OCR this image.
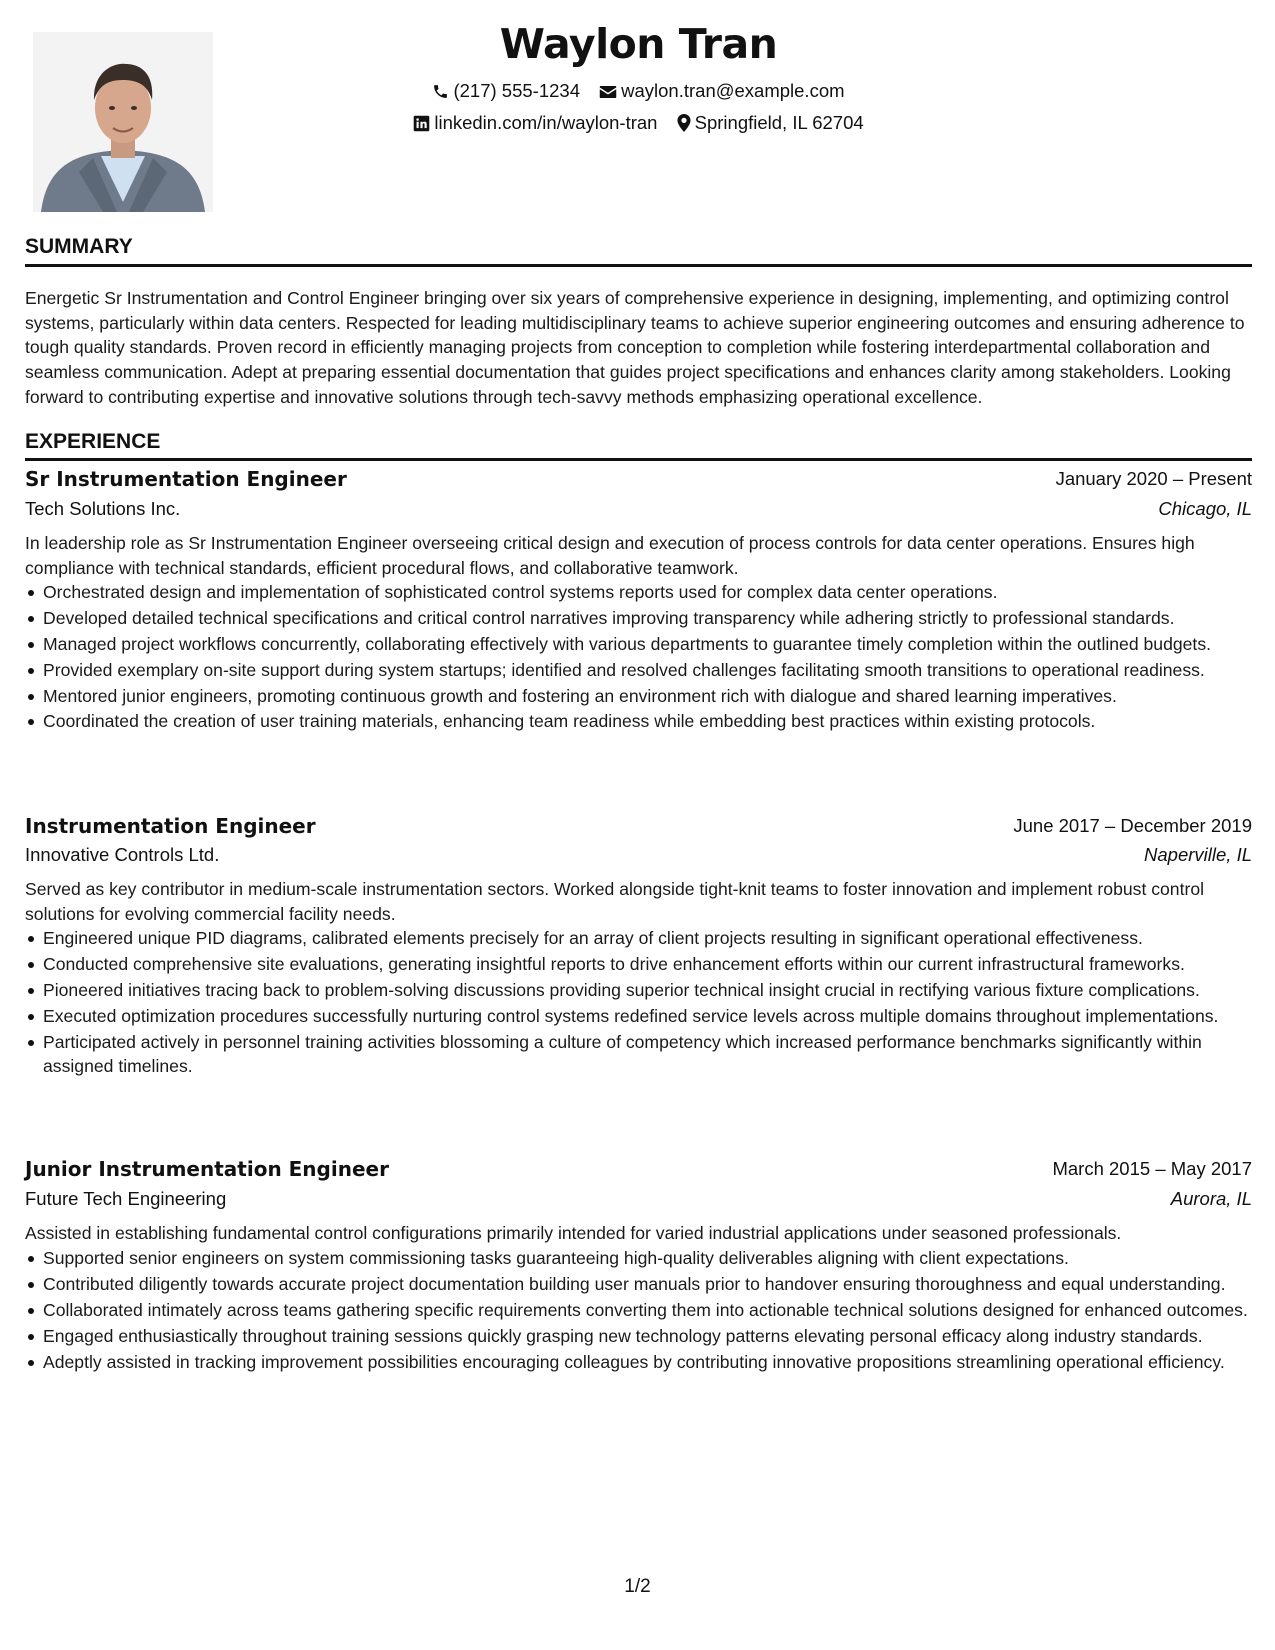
Waylon Tran
(217) 555-1234 waylon.tran@example.com
linkedin.com/in/waylon-tran Springfield, IL 62704
SUMMARY

Energetic Sr Instrumentation and Control Engineer bringing over six years of comprehensive experience in designing, implementing, and optimizing control systems, particularly within data centers. Respected for leading multidisciplinary teams to achieve superior engineering outcomes and ensuring adherence to tough quality standards. Proven record in efficiently managing projects from conception to completion while fostering interdepartmental collaboration and seamless communication. Adept at preparing essential documentation that guides project specifications and enhances clarity among stakeholders. Looking forward to contributing expertise and innovative solutions through tech-savvy methods emphasizing operational excellence.

EXPERIENCE
Sr Instrumentation Engineer	January 2020 – Present
Tech Solutions Inc.	Chicago, IL

In leadership role as Sr Instrumentation Engineer overseeing critical design and execution of process controls for data center operations. Ensures high compliance with technical standards, efficient procedural flows, and collaborative teamwork.

Orchestrated design and implementation of sophisticated control systems reports used for complex data center operations.
Developed detailed technical specifications and critical control narratives improving transparency while adhering strictly to professional standards.
Managed project workflows concurrently, collaborating effectively with various departments to guarantee timely completion within the outlined budgets.
Provided exemplary on-site support during system startups; identified and resolved challenges facilitating smooth transitions to operational readiness.
Mentored junior engineers, promoting continuous growth and fostering an environment rich with dialogue and shared learning imperatives.
Coordinated the creation of user training materials, enhancing team readiness while embedding best practices within existing protocols.
Instrumentation Engineer	June 2017 – December 2019
Innovative Controls Ltd.	Naperville, IL

Served as key contributor in medium-scale instrumentation sectors. Worked alongside tight-knit teams to foster innovation and implement robust control solutions for evolving commercial facility needs.

Engineered unique PID diagrams, calibrated elements precisely for an array of client projects resulting in significant operational effectiveness.
Conducted comprehensive site evaluations, generating insightful reports to drive enhancement efforts within our current infrastructural frameworks.
Pioneered initiatives tracing back to problem-solving discussions providing superior technical insight crucial in rectifying various fixture complications.
Executed optimization procedures successfully nurturing control systems redefined service levels across multiple domains throughout implementations.
Participated actively in personnel training activities blossoming a culture of competency which increased performance benchmarks significantly within assigned timelines.
Junior Instrumentation Engineer	March 2015 – May 2017
Future Tech Engineering	Aurora, IL

Assisted in establishing fundamental control configurations primarily intended for varied industrial applications under seasoned professionals.

Supported senior engineers on system commissioning tasks guaranteeing high-quality deliverables aligning with client expectations.
Contributed diligently towards accurate project documentation building user manuals prior to handover ensuring thoroughness and equal understanding.
Collaborated intimately across teams gathering specific requirements converting them into actionable technical solutions designed for enhanced outcomes.
Engaged enthusiastically throughout training sessions quickly grasping new technology patterns elevating personal efficacy along industry standards.
Adeptly assisted in tracking improvement possibilities encouraging colleagues by contributing innovative propositions streamlining operational efficiency.
1/2
